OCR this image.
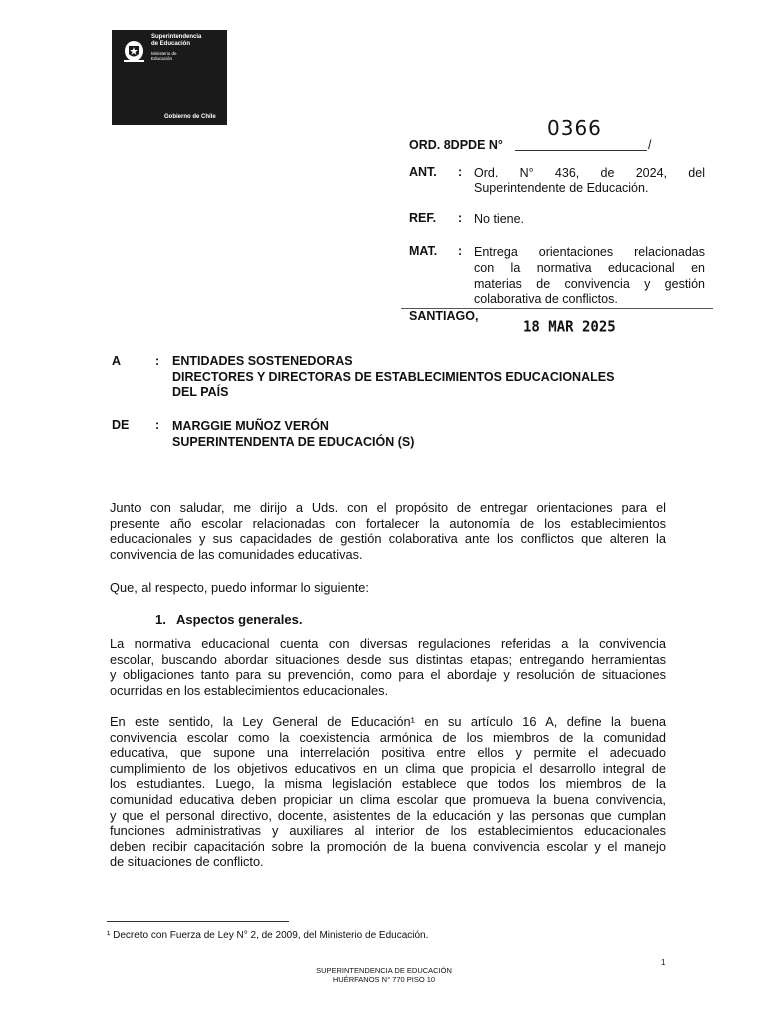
Superintendencia
de Educación
Ministerio de
Educación
Gobierno de Chile
ORD. 8DPDE N°
0366
/
ANT. : Ord. N° 436, de 2024, del
Superintendente de Educación.
REF. : No tiene.
MAT. : Entrega orientaciones relacionadas
con la normativa educacional en
materias de convivencia y gestión
colaborativa de conflictos.
SANTIAGO,
18 MAR 2025
A	: ENTIDADES SOSTENEDORAS
DIRECTORES Y DIRECTORAS DE ESTABLECIMIENTOS EDUCACIONALES
DEL PAÍS
DE : MARGGIE MUÑOZ VERÓN
SUPERINTENDENTA DE EDUCACIÓN (S)
Junto con saludar, me dirijo a Uds. con el propósito de entregar orientaciones para el
presente año escolar relacionadas con fortalecer la autonomía de los establecimientos
educacionales y sus capacidades de gestión colaborativa ante los conflictos que alteren la
convivencia de las comunidades educativas.
Que, al respecto, puedo informar lo siguiente:
1. Aspectos generales.
La normativa educacional cuenta con diversas regulaciones referidas a la convivencia
escolar, buscando abordar situaciones desde sus distintas etapas; entregando herramientas
y obligaciones tanto para su prevención, como para el abordaje y resolución de situaciones
ocurridas en los establecimientos educacionales.
En este sentido, la Ley General de Educación¹ en su artículo 16 A, define la buena
convivencia escolar como la coexistencia armónica de los miembros de la comunidad
educativa, que supone una interrelación positiva entre ellos y permite el adecuado
cumplimiento de los objetivos educativos en un clima que propicia el desarrollo integral de
los estudiantes. Luego, la misma legislación establece que todos los miembros de la
comunidad educativa deben propiciar un clima escolar que promueva la buena convivencia,
y que el personal directivo, docente, asistentes de la educación y las personas que cumplan
funciones administrativas y auxiliares al interior de los establecimientos educacionales
deben recibir capacitación sobre la promoción de la buena convivencia escolar y el manejo
de situaciones de conflicto.
¹ Decreto con Fuerza de Ley N° 2, de 2009, del Ministerio de Educación.
1
SUPERINTENDENCIA DE EDUCACIÓN
HUÉRFANOS N° 770 PISO 10
